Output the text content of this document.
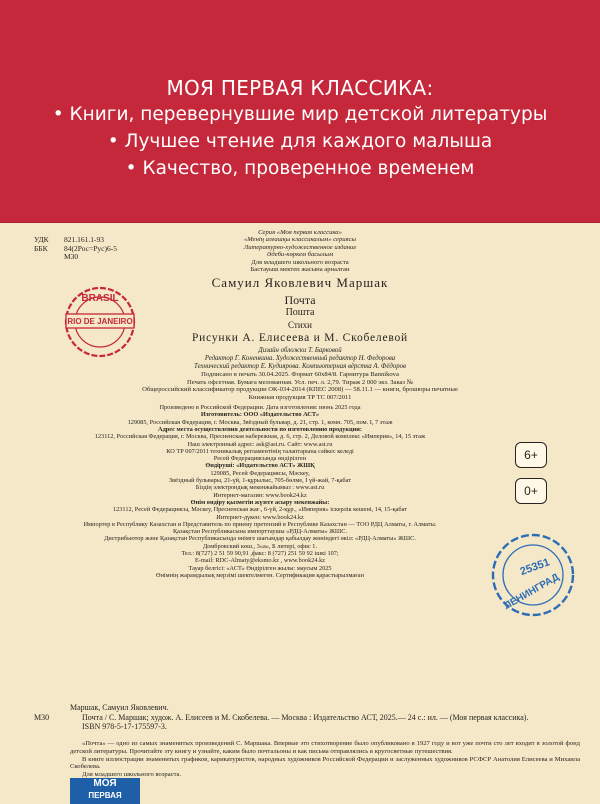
МОЯ ПЕРВАЯ КЛАССИКА:
• Книги, перевернувшие мир детской литературы
• Лучшее чтение для каждого малыша
• Качество, проверенное временем
УДК 821.161.1-93
ББК 84(2Рос=Рус)6-5
М30
Серия «Моя первая классика»
«Менің алғашқы классикалым» сериясы
Литературно-художественное издание
Әдеби-көркем басылым
Для младшего школьного возраста
Бастауыш мектеп жасына арналған
BRASIL
RIO DE JANEIRO
Самуил Яковлевич Маршак
Почта
Пошта
Стихи
Рисунки А. Елисеева и М. Скобелевой
Дизайн обложки Т. Барковой
Редактор Г. Коненкина. Художественный редактор Н. Федорова
Технический редактор Е. Кудиярова. Компьютерная вёрстка А. Фёдоров
Подписано в печать 30.04.2025. Формат 60х84/8. Гарнитура Bannikova
Печать офсетная. Бумага мелованная. Усл. печ. л. 2,79. Тираж 2 000 экз. Заказ №
Общероссийский классификатор продукции ОК-034-2014 (КПЕС 2008) — 58.11.1 — книги, брошюры печатные
Книжная продукция ТР ТС 007/2011
Произведено в Российской Федерации. Дата изготовления: июнь 2025 года
Изготовитель: ООО «Издательство АСТ»
129085, Российская Федерация, г. Москва, Звёздный бульвар, д. 21, стр. 1, комн. 705, пом. I, 7 этаж
Адрес места осуществления деятельности по изготовлению продукции:
123112, Российская Федерация, г. Москва, Пресненская набережная, д. 6, стр. 2, Деловой комплекс «Империя», 14, 15 этаж
Наш электронный адрес: ask@ast.ru. Сайт: www.ast.ru
КО ТР 007/2011 техникалық регламентінің талаптарына сәйкес келеді
Ресей Федерациясында өндірілген
Өндіруші: «Издательство АСТ» ЖШҚ
129085, Ресей Федерациясы, Мәскеу,
Звёздный бульвары, 21-үй, 1-құрылыс, 705-бөлме, I үй-жай, 7-қабат
Біздің электрондық мекенжайымыз : www.ast.ru
Интернет-магазин: www.book24.kz
Өнім өндіру қызметін жүзеге асыру мекенжайы:
123112, Ресей Федерациясы, Мәскеу, Пресненская жағ., 6-үй, 2-құр., «Империя» іскерлік кешені, 14, 15-қабат
Интернет-дүкен: www.book24.kz
Импортер в Республику Казахстан и Представитель по приему претензий в Республике Казахстан — ТОО РДЦ Алматы, г. Алматы.
Қазақстан Республикасына импорттаушы «РДЦ-Алматы» ЖШС.
Дистрибьютор және Қазақстан Республикасында өнімге шағымдар қабылдау жөніндегі өкіл: «РДЦ-Алматы» ЖШС.
Домбровский көш., 3«а», Б литері, офис 1.
Тел.: 8(727) 2 51 59 90,91 ,факс: 8 (727) 251 59 92 ішкі 107;
E-mail: RDC-Almaty@eksmo.kz , www.book24.kz
Тауар белгісі: «АСТ» Өндірілген жылы: маусым 2025
Өнімнің жарамдылық мерзімі шектелмеген. Сертификация қарастырылмаған
6+
0+
25351
ЛЕНИНГРАД
М30
Маршак, Самуил Яковлевич.
Почта / С. Маршак; худож. А. Елисеев и М. Скобелева. — Москва : Издательство АСТ, 2025.— 24 с.: ил. — (Моя первая классика).
ISBN 978-5-17-175597-3.
МОЯ
ПЕРВАЯ
«Почта» — одно из самых знаменитых произведений С. Маршака. Впервые это стихотворение было опубликовано в 1927 году и вот уже почти сто лет входит в золотой фонд детской литературы. Прочитайте эту книгу и узнайте, каким было почтальоны и как письма отправлялись в кругосветные путешествия.
В книге иллюстрации знаменитых графиков, карикатуристов, народных художников Российской Федерации и заслуженных художников РСФСР Анатолия Елисеева и Михаила Скобелева.
Для младшего школьного возраста.
